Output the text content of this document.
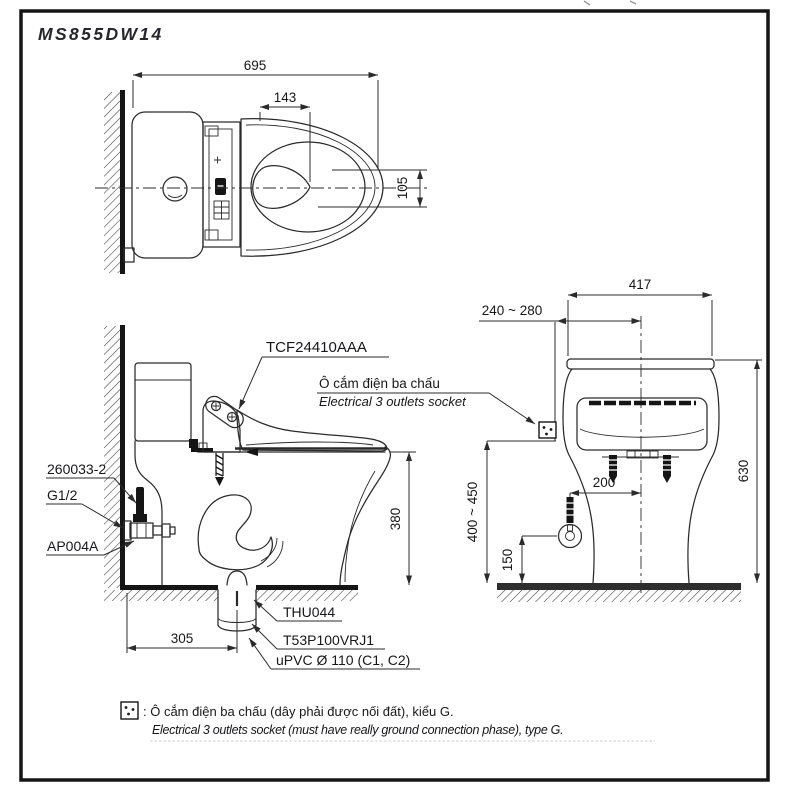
MS855DW14
695
143
105
TCF24410AAA
Ô cắm điện ba chấu
Electrical 3 outlets socket
260033-2
G1/2
AP004A
THU044
T53P100VRJ1
uPVC Ø 110 (C1, C2)
380
305
417
240 ~ 280
630
400 ~ 450	200
150
: Ô cắm điện ba chấu (dây phải được nối đất), kiểu G.
Electrical 3 outlets socket (must have really ground connection phase), type G.
